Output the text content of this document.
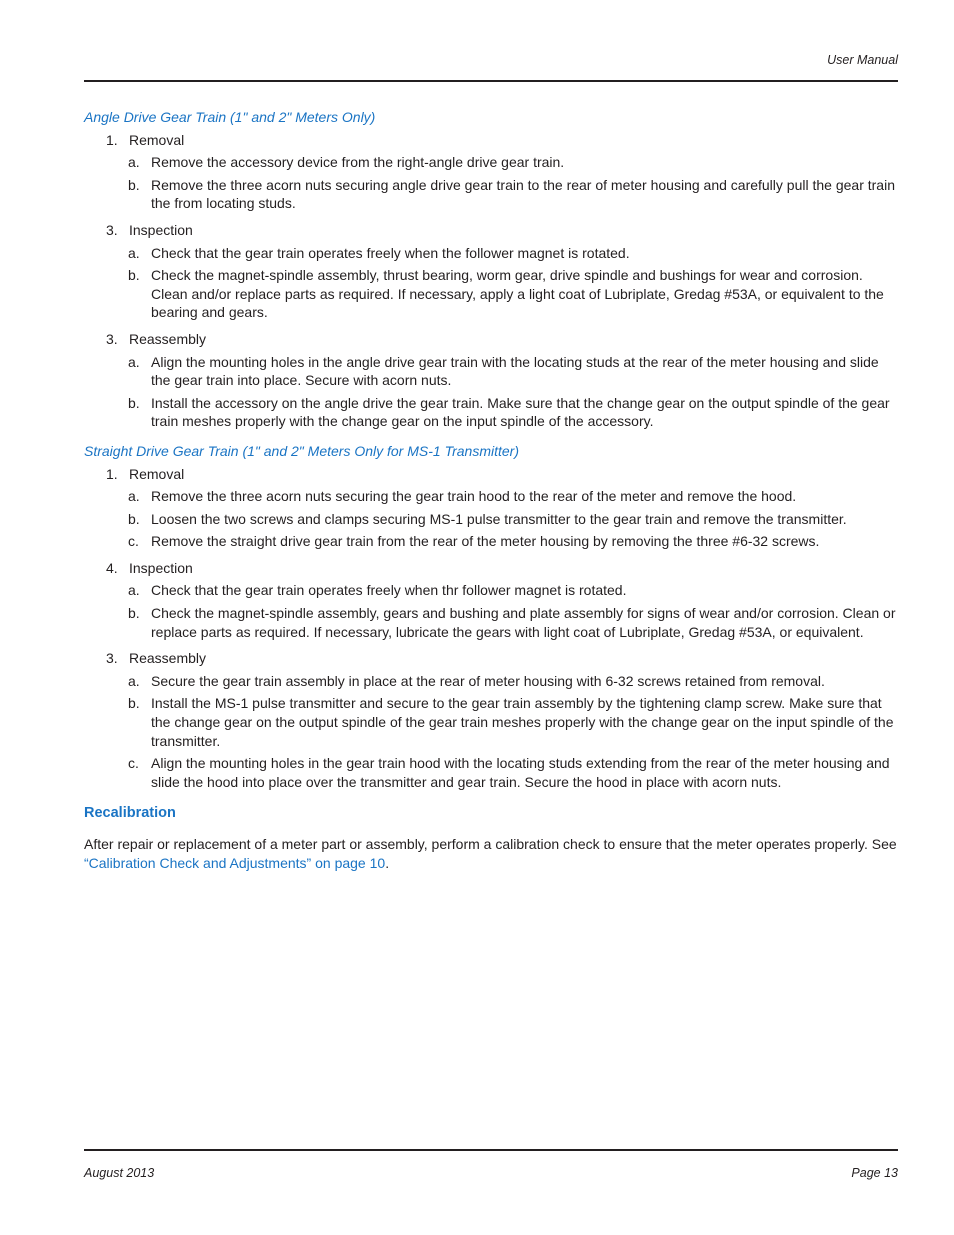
User Manual
Angle Drive Gear Train (1" and 2" Meters Only)
1. Removal
a. Remove the accessory device from the right-angle drive gear train.
b. Remove the three acorn nuts securing angle drive gear train to the rear of meter housing and carefully pull the gear train the from locating studs.
3. Inspection
a. Check that the gear train operates freely when the follower magnet is rotated.
b. Check the magnet-spindle assembly, thrust bearing, worm gear, drive spindle and bushings for wear and corrosion. Clean and/or replace parts as required. If necessary, apply a light coat of Lubriplate, Gredag #53A, or equivalent to the bearing and gears.
3. Reassembly
a. Align the mounting holes in the angle drive gear train with the locating studs at the rear of the meter housing and slide the gear train into place. Secure with acorn nuts.
b. Install the accessory on the angle drive the gear train. Make sure that the change gear on the output spindle of the gear train meshes properly with the change gear on the input spindle of the accessory.
Straight Drive Gear Train (1" and 2" Meters Only for MS-1 Transmitter)
1. Removal
a. Remove the three acorn nuts securing the gear train hood to the rear of the meter and remove the hood.
b. Loosen the two screws and clamps securing MS-1 pulse transmitter to the gear train and remove the transmitter.
c. Remove the straight drive gear train from the rear of the meter housing by removing the three #6-32 screws.
4. Inspection
a. Check that the gear train operates freely when thr follower magnet is rotated.
b. Check the magnet-spindle assembly, gears and bushing and plate assembly for signs of wear and/or corrosion. Clean or replace parts as required. If necessary, lubricate the gears with light coat of Lubriplate, Gredag #53A, or equivalent.
3. Reassembly
a. Secure the gear train assembly in place at the rear of meter housing with 6-32 screws retained from removal.
b. Install the MS-1 pulse transmitter and secure to the gear train assembly by the tightening clamp screw. Make sure that the change gear on the output spindle of the gear train meshes properly with the change gear on the input spindle of the transmitter.
c. Align the mounting holes in the gear train hood with the locating studs extending from the rear of the meter housing and slide the hood into place over the transmitter and gear train. Secure the hood in place with acorn nuts.
Recalibration
After repair or replacement of a meter part or assembly, perform a calibration check to ensure that the meter operates properly. See “Calibration Check and Adjustments” on page 10.
August 2013	Page 13
